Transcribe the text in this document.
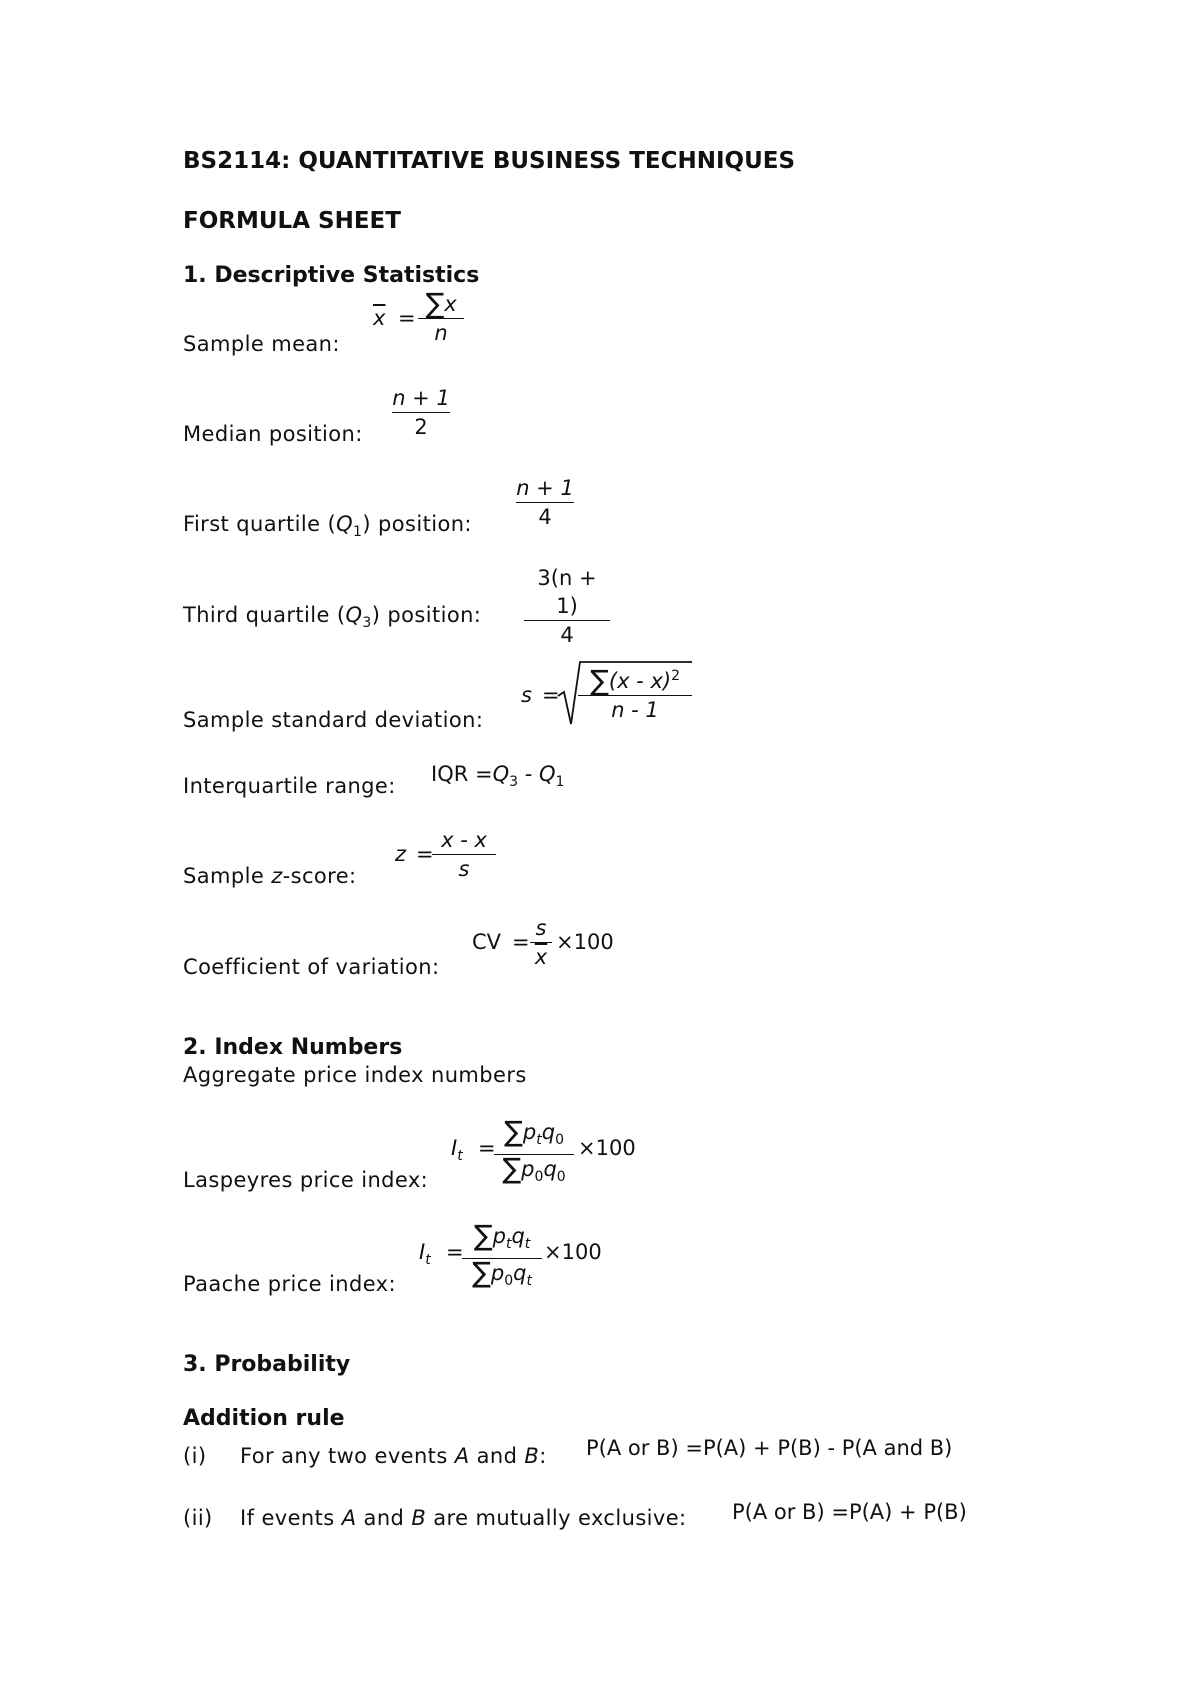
BS2114: QUANTITATIVE BUSINESS TECHNIQUES
FORMULA SHEET
1. Descriptive Statistics
Sample mean:
$\overline{x} = \sum x$
n
Median position:
n + 1
2
First quartile $(Q_1)$ position:
n + 1
4
Third quartile $(Q_3)$ position:
3(n + 1)
4
Sample standard deviation:
s =	∑(x - x)$^2$
n - 1
Interquartile range: IQR $=Q_3 - Q_1$
Sample z-score:
z =
x - x
s
Coefficient of variation:
CV = $\frac{s}{x} \times 100$
2. Index Numbers
Aggregate price index numbers
Laspeyres price index:
$I_t = \sum p_tq_0$
$\sum p_0q_0$
×100
Paache price index:
$I_t = \sum p_tq_t$
$\sum p_0q_t$
×100
3. Probability
Addition rule
(i) For any two events A and B: P(A or B) =P(A) + P(B) - P(A and B)
(ii) If events A and B are mutually exclusive: P(A or B) =P(A) + P(B)
